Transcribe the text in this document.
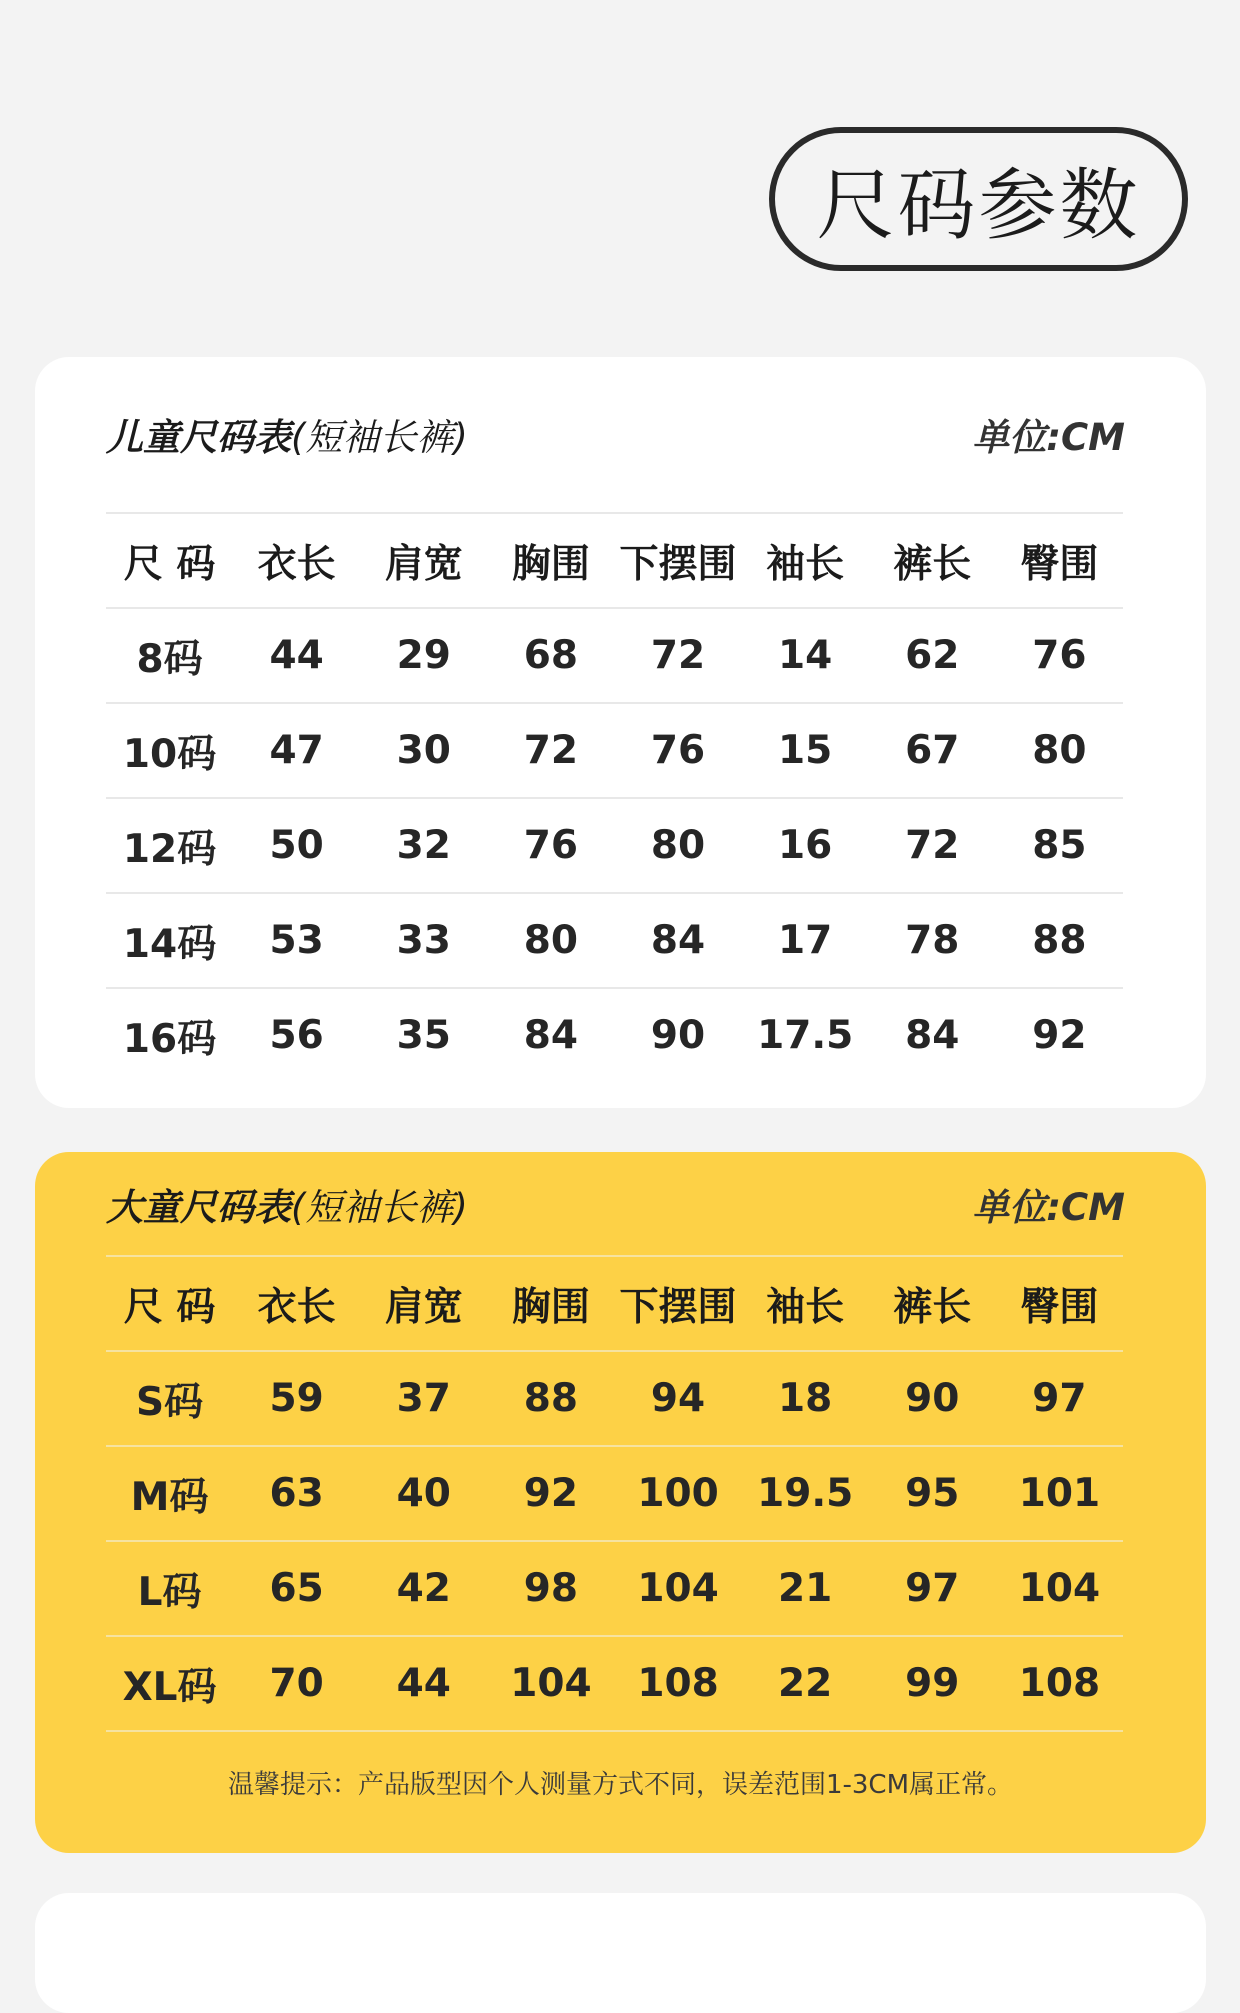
尺码参数
儿童尺码表(短袖长裤)	单位:CM
尺 码	衣长	肩宽	胸围	下摆围	袖长	裤长	臀围
8码	44	29	68	72	14	62	76
10码	47	30	72	76	15	67	80
12码	50	32	76	80	16	72	85
14码	53	33	80	84	17	78	88
16码	56	35	84	90	17.5	84	92
大童尺码表(短袖长裤)	单位:CM
尺 码	衣长	肩宽	胸围	下摆围	袖长	裤长	臀围
S码	59	37	88	94	18	90	97
M码	63	40	92	100	19.5	95	101
L码	65	42	98	104	21	97	104
XL码	70	44	104	108	22	99	108
温馨提示：产品版型因个人测量方式不同，误差范围1-3CM属正常。
